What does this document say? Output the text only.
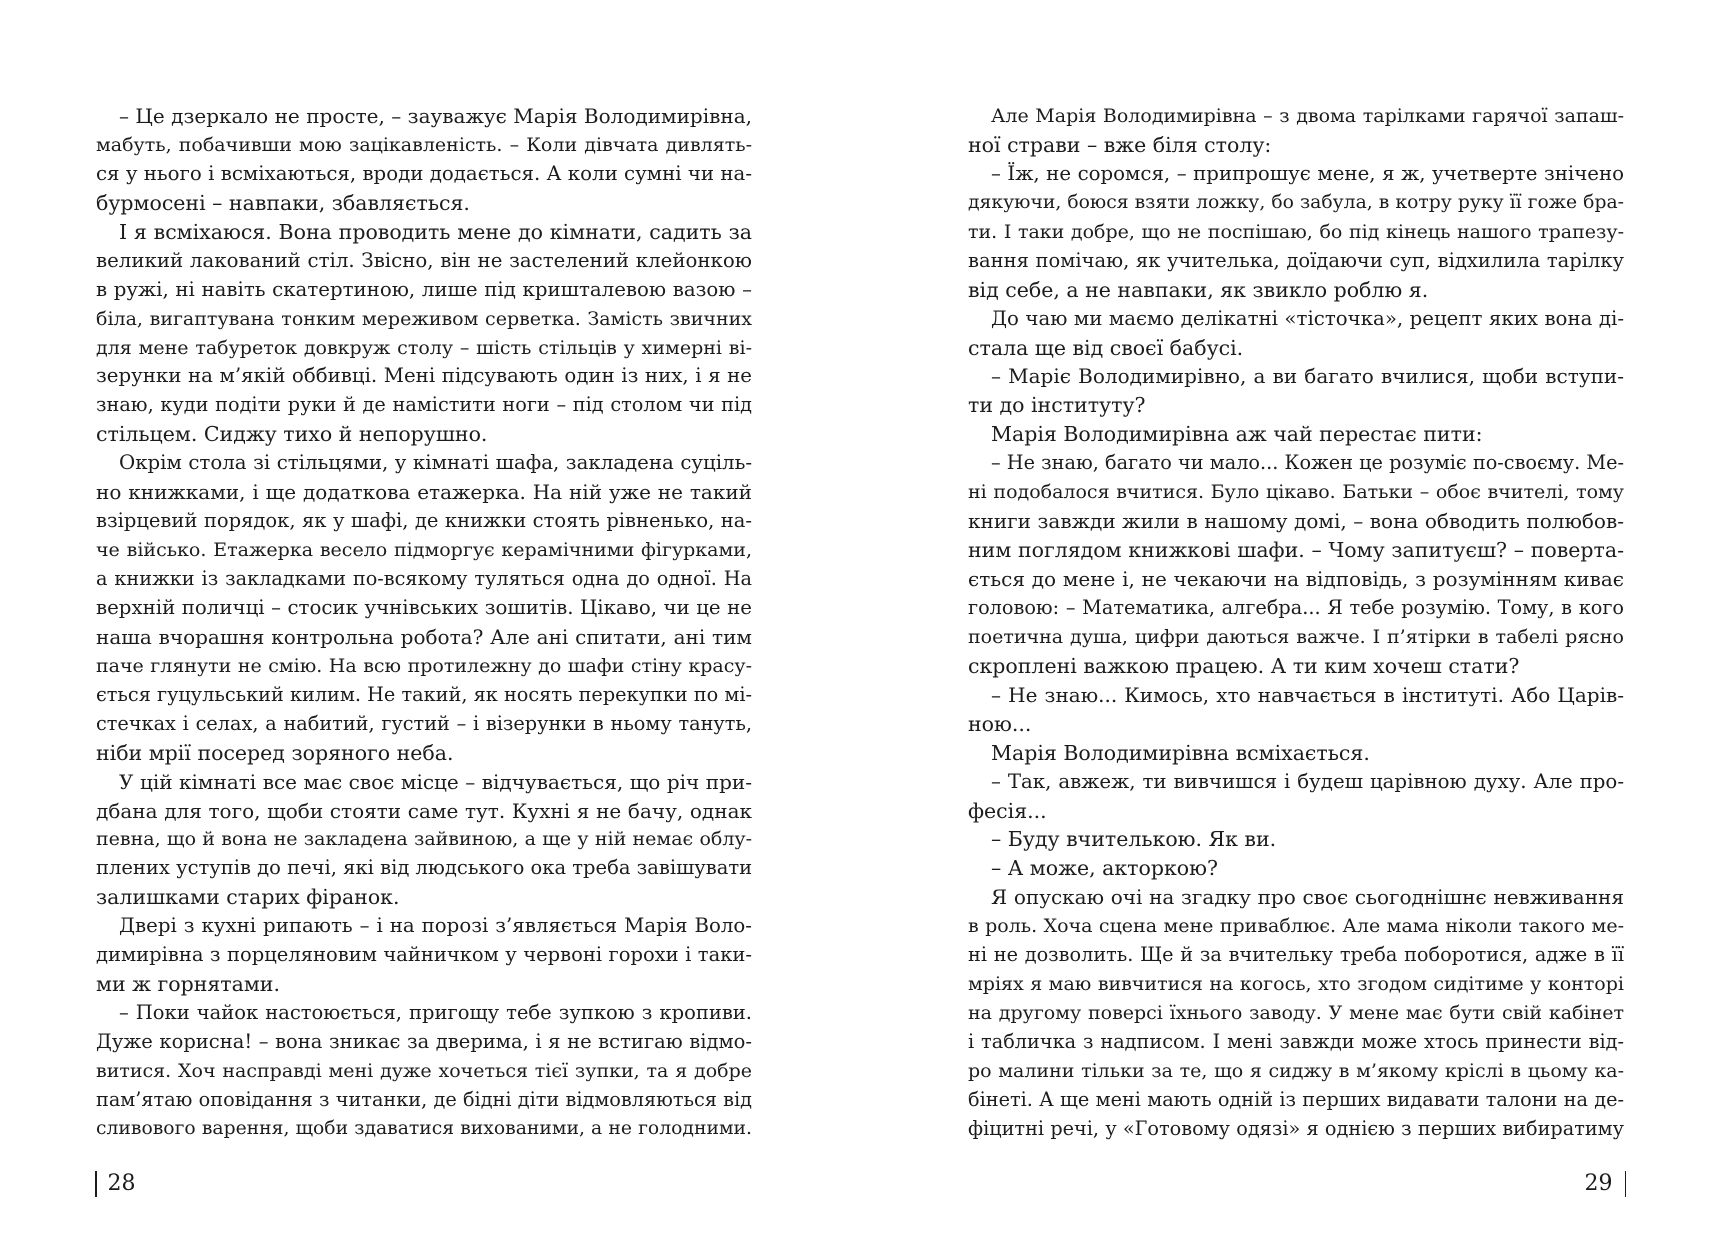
– Це дзеркало не просте, – зауважує Марія Володимирівна,
мабуть, побачивши мою зацікавленість. – Коли дівчата дивлять-
ся у нього і всміхаються, вроди додається. А коли сумні чи на-
бурмосені – навпаки, збавляється.
І я всміхаюся. Вона проводить мене до кімнати, садить за
великий лакований стіл. Звісно, він не застелений клейонкою
в ружі, ні навіть скатертиною, лише під кришталевою вазою –
біла, вигаптувана тонким мереживом серветка. Замість звичних
для мене табуреток довкруж столу – шість стільців у химерні ві-
зерунки на м’якій оббивці. Мені підсувають один із них, і я не
знаю, куди подіти руки й де намістити ноги – під столом чи під
стільцем. Сиджу тихо й непорушно.
Окрім стола зі стільцями, у кімнаті шафа, закладена суціль-
но книжками, і ще додаткова етажерка. На ній уже не такий
взірцевий порядок, як у шафі, де книжки стоять рівненько, на-
че військо. Етажерка весело підморгує керамічними фігурками,
а книжки із закладками по-всякому туляться одна до одної. На
верхній поличці – стосик учнівських зошитів. Цікаво, чи це не
наша вчорашня контрольна робота? Але ані спитати, ані тим
паче глянути не смію. На всю протилежну до шафи стіну красу-
ється гуцульський килим. Не такий, як носять перекупки по мі-
стечках і селах, а набитий, густий – і візерунки в ньому тануть,
ніби мрії посеред зоряного неба.
У цій кімнаті все має своє місце – відчувається, що річ при-
дбана для того, щоби стояти саме тут. Кухні я не бачу, однак
певна, що й вона не закладена зайвиною, а ще у ній немає облу-
плених уступів до печі, які від людського ока треба завішувати
залишками старих фіранок.
Двері з кухні рипають – і на порозі з’являється Марія Воло-
димирівна з порцеляновим чайничком у червоні горохи і таки-
ми ж горнятами.
– Поки чайок настоюється, пригощу тебе зупкою з кропиви.
Дуже корисна! – вона зникає за дверима, і я не встигаю відмо-
витися. Хоч насправді мені дуже хочеться тієї зупки, та я добре
пам’ятаю оповідання з читанки, де бідні діти відмовляються від
сливового варення, щоби здаватися вихованими, а не голодними.
28
Але Марія Володимирівна – з двома тарілками гарячої запаш-
ної страви – вже біля столу:
– Їж, не соромся, – припрошує мене, я ж, учетверте знічено
дякуючи, боюся взяти ложку, бо забула, в котру руку її гоже бра-
ти. І таки добре, що не поспішаю, бо під кінець нашого трапезу-
вання помічаю, як учителька, доїдаючи суп, відхилила тарілку
від себе, а не навпаки, як звикло роблю я.
До чаю ми маємо делікатні «тісточка», рецепт яких вона ді-
стала ще від своєї бабусі.
– Маріє Володимирівно, а ви багато вчилися, щоби вступи-
ти до інституту?
Марія Володимирівна аж чай перестає пити:
– Не знаю, багато чи мало... Кожен це розуміє по-своєму. Ме-
ні подобалося вчитися. Було цікаво. Батьки – обоє вчителі, тому
книги завжди жили в нашому домі, – вона обводить полюбов-
ним поглядом книжкові шафи. – Чому запитуєш? – поверта-
ється до мене і, не чекаючи на відповідь, з розумінням киває
головою: – Математика, алгебра... Я тебе розумію. Тому, в кого
поетична душа, цифри даються важче. І п’ятірки в табелі рясно
скроплені важкою працею. А ти ким хочеш стати?
– Не знаю... Кимось, хто навчається в інституті. Або Царів-
ною...
Марія Володимирівна всміхається.
– Так, авжеж, ти вивчишся і будеш царівною духу. Але про-
фесія...
– Буду вчителькою. Як ви.
– А може, акторкою?
Я опускаю очі на згадку про своє сьогоднішнє невживання
в роль. Хоча сцена мене приваблює. Але мама ніколи такого ме-
ні не дозволить. Ще й за вчительку треба поборотися, адже в її
мріях я маю вивчитися на когось, хто згодом сидітиме у конторі
на другому поверсі їхнього заводу. У мене має бути свій кабінет
і табличка з надписом. І мені завжди може хтось принести від-
ро малини тільки за те, що я сиджу в м’якому кріслі в цьому ка-
бінеті. А ще мені мають одній із перших видавати талони на де-
фіцитні речі, у «Готовому одязі» я однією з перших вибиратиму
29
